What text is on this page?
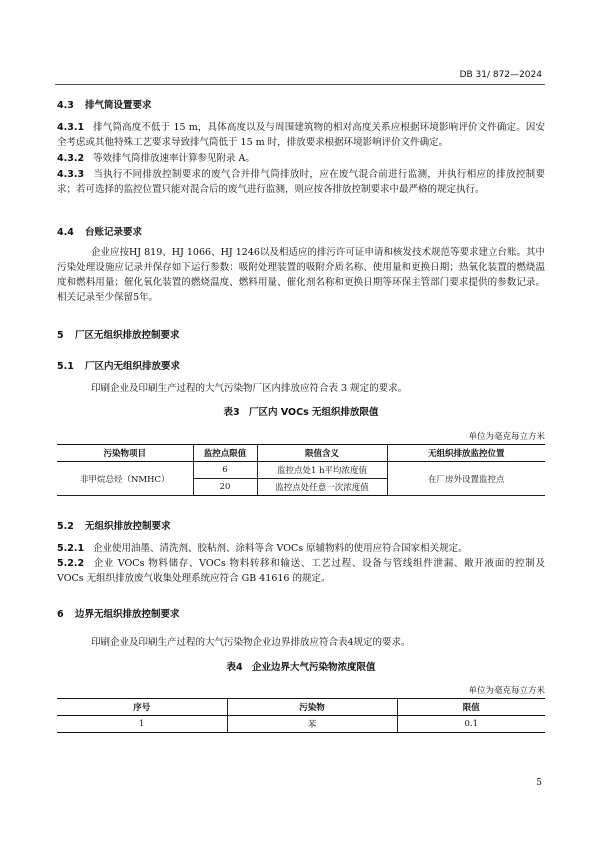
DB 31/ 872—2024
4.3 排气筒设置要求
4.3.1 排气筒高度不低于 15 m，具体高度以及与周围建筑物的相对高度关系应根据环境影响评价文件确定。因安全考虑或其他特殊工艺要求导致排气筒低于 15 m 时，排放要求根据环境影响评价文件确定。
4.3.2 等效排气筒排放速率计算参见附录 A。
4.3.3 当执行不同排放控制要求的废气合并排气筒排放时，应在废气混合前进行监测，并执行相应的排放控制要求；若可选择的监控位置只能对混合后的废气进行监测，则应按各排放控制要求中最严格的规定执行。
4.4 台账记录要求
企业应按HJ 819、HJ 1066、HJ 1246以及相适应的排污许可证申请和核发技术规范等要求建立台账。其中污染处理设施应记录并保存如下运行参数：吸附处理装置的吸附介质名称、使用量和更换日期；热氧化装置的燃烧温度和燃料用量；催化氧化装置的燃烧温度、燃料用量、催化剂名称和更换日期等环保主管部门要求提供的参数记录。相关记录至少保留5年。
5 厂区无组织排放控制要求
5.1 厂区内无组织排放要求
印刷企业及印刷生产过程的大气污染物厂区内排放应符合表 3 规定的要求。
表3　厂区内 VOCs 无组织排放限值
单位为毫克每立方米
污染物项目	监控点限值	限值含义	无组织排放监控位置
非甲烷总烃（NMHC）	6	监控点处1 h平均浓度值	在厂房外设置监控点
	20	监控点处任意一次浓度值	
5.2 无组织排放控制要求
5.2.1 企业使用油墨、清洗剂、胶粘剂、涂料等含 VOCs 原辅物料的使用应符合国家相关规定。
5.2.2 企业 VOCs 物料储存、VOCs 物料转移和输送、工艺过程、设备与管线组件泄漏、敞开液面的控制及 VOCs 无组织排放废气收集处理系统应符合 GB 41616 的规定。
6 边界无组织排放控制要求
印刷企业及印刷生产过程的大气污染物企业边界排放应符合表4规定的要求。
表4　企业边界大气污染物浓度限值
单位为毫克每立方米
序号	污染物	限值
1	苯	0.1
5
